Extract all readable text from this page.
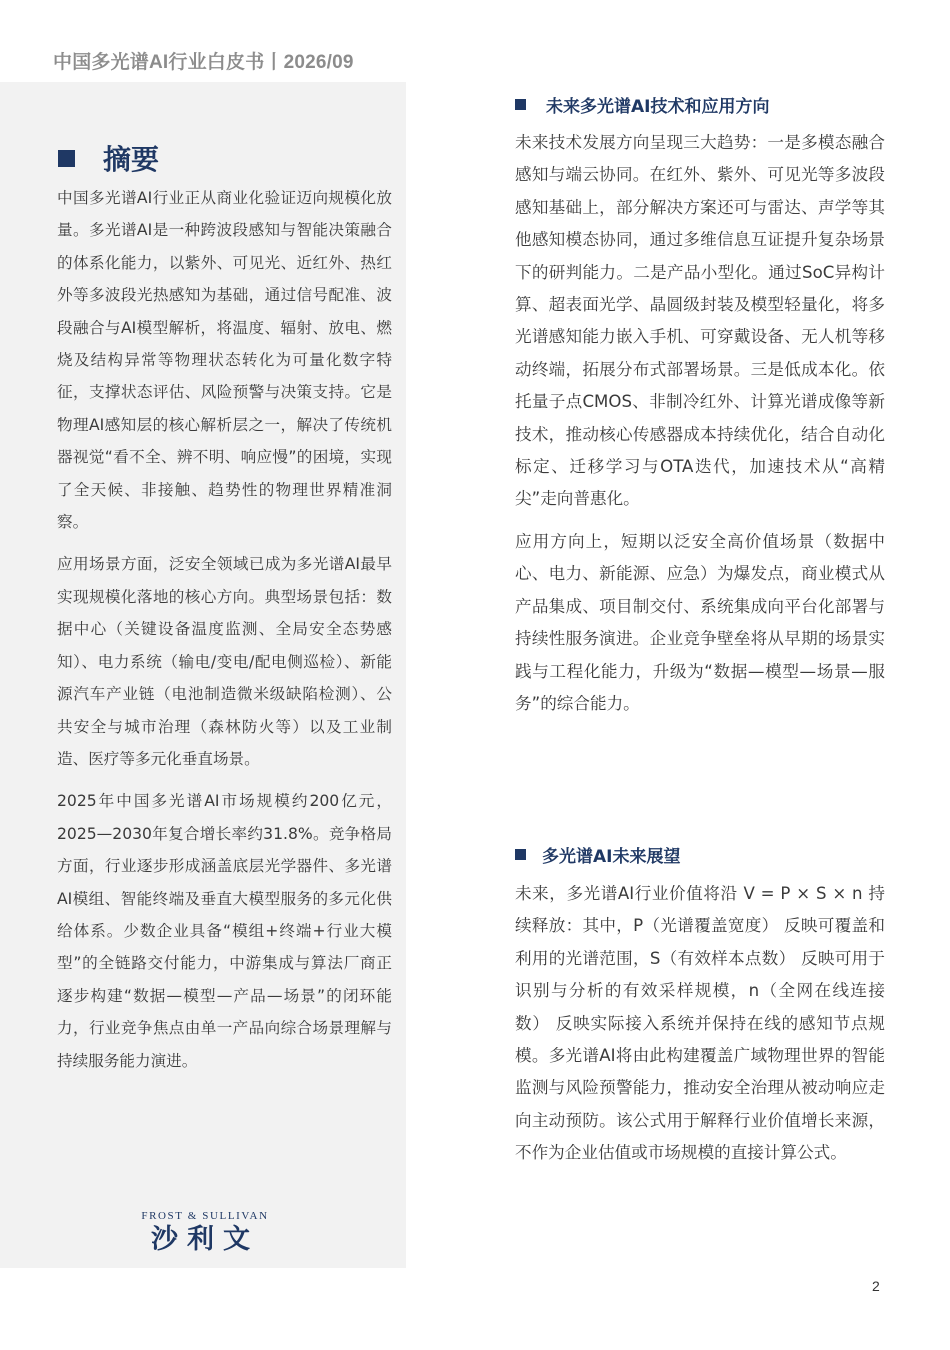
中国多光谱AI行业白皮书丨2026/09
摘要

中国多光谱AI行业正从商业化验证迈向规模化放量。多光谱AI是一种跨波段感知与智能决策融合的体系化能力，以紫外、可见光、近红外、热红外等多波段光热感知为基础，通过信号配准、波段融合与AI模型解析，将温度、辐射、放电、燃烧及结构异常等物理状态转化为可量化数字特征，支撑状态评估、风险预警与决策支持。它是物理AI感知层的核心解析层之一，解决了传统机器视觉“看不全、辨不明、响应慢”的困境，实现了全天候、非接触、趋势性的物理世界精准洞察。

应用场景方面，泛安全领域已成为多光谱AI最早实现规模化落地的核心方向。典型场景包括：数据中心（关键设备温度监测、全局安全态势感知）、电力系统（输电/变电/配电侧巡检）、新能源汽车产业链（电池制造微米级缺陷检测）、公共安全与城市治理（森林防火等）以及工业制造、医疗等多元化垂直场景。

2025年中国多光谱AI市场规模约200亿元，2025—2030年复合增长率约31.8%。竞争格局方面，行业逐步形成涵盖底层光学器件、多光谱AI模组、智能终端及垂直大模型服务的多元化供给体系。少数企业具备“模组+终端+行业大模型”的全链路交付能力，中游集成与算法厂商正逐步构建“数据—模型—产品—场景”的闭环能力，行业竞争焦点由单一产品向综合场景理解与持续服务能力演进。

FROST & SULLIVAN
沙利文
未来多光谱AI技术和应用方向

未来技术发展方向呈现三大趋势：一是多模态融合感知与端云协同。在红外、紫外、可见光等多波段感知基础上，部分解决方案还可与雷达、声学等其他感知模态协同，通过多维信息互证提升复杂场景下的研判能力。二是产品小型化。通过SoC异构计算、超表面光学、晶圆级封装及模型轻量化，将多光谱感知能力嵌入手机、可穿戴设备、无人机等移动终端，拓展分布式部署场景。三是低成本化。依托量子点CMOS、非制冷红外、计算光谱成像等新技术，推动核心传感器成本持续优化，结合自动化标定、迁移学习与OTA迭代，加速技术从“高精尖”走向普惠化。

应用方向上，短期以泛安全高价值场景（数据中心、电力、新能源、应急）为爆发点，商业模式从产品集成、项目制交付、系统集成向平台化部署与持续性服务演进。企业竞争壁垒将从早期的场景实践与工程化能力，升级为“数据—模型—场景—服务”的综合能力。

多光谱AI未来展望

未来，多光谱AI行业价值将沿 V = P × S × n 持续释放：其中，P（光谱覆盖宽度） 反映可覆盖和利用的光谱范围，S（有效样本点数） 反映可用于识别与分析的有效采样规模，n（全网在线连接数） 反映实际接入系统并保持在线的感知节点规模。多光谱AI将由此构建覆盖广域物理世界的智能监测与风险预警能力，推动安全治理从被动响应走向主动预防。该公式用于解释行业价值增长来源，不作为企业估值或市场规模的直接计算公式。

2
